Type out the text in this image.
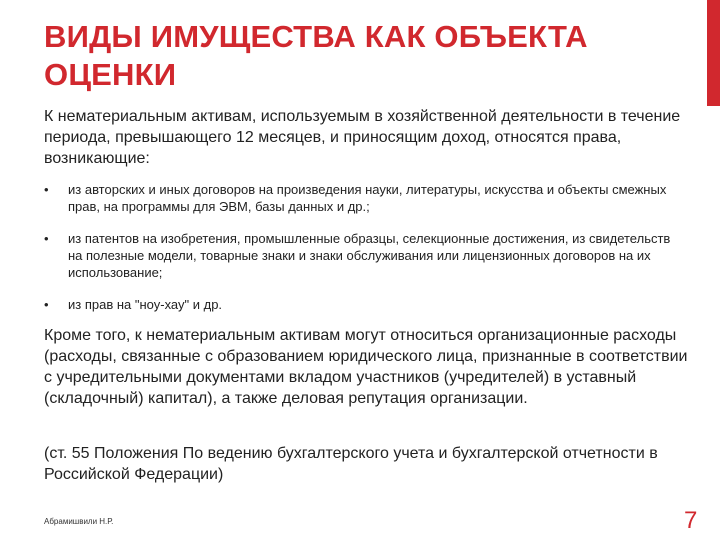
ВИДЫ ИМУЩЕСТВА КАК ОБЪЕКТА ОЦЕНКИ

К нематериальным активам, используемым в хозяйственной деятельности в течение периода, превышающего 12 месяцев, и приносящим доход, относятся права, возникающие:

• из авторских и иных договоров на произведения науки, литературы, искусства и объекты смежных прав, на программы для ЭВМ, базы данных и др.;
• из патентов на изобретения, промышленные образцы, селекционные достижения, из свидетельств на полезные модели, товарные знаки и знаки обслуживания или лицензионных договоров на их использование;
• из прав на "ноу-хау" и др.

Кроме того, к нематериальным активам могут относиться организационные расходы (расходы, связанные с образованием юридического лица, признанные в соответствии с учредительными документами вкладом участников (учредителей) в уставный (складочный) капитал), а также деловая репутация организации.

(ст. 55 Положения По ведению бухгалтерского учета и бухгалтерской отчетности в Российской Федерации)

Абрамишвили Н.Р.	7
